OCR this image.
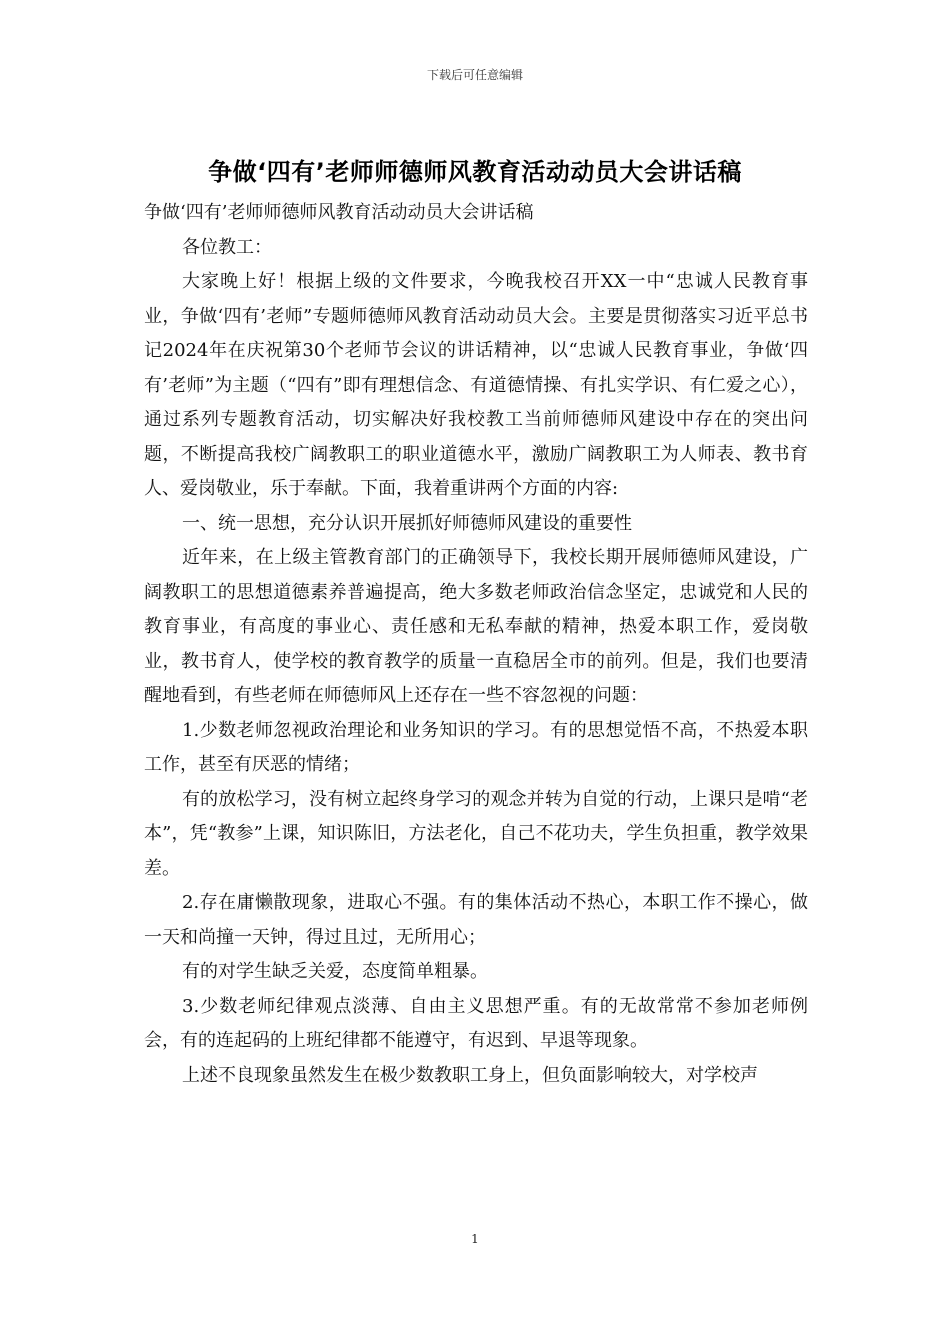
下载后可任意编辑
争做‘四有’老师师德师风教育活动动员大会讲话稿

争做‘四有’老师师德师风教育活动动员大会讲话稿

各位教工：

大家晚上好！根据上级的文件要求，今晚我校召开XX一中“忠诚人民教育事业，争做‘四有’老师”专题师德师风教育活动动员大会。主要是贯彻落实习近平总书记2024年在庆祝第30个老师节会议的讲话精神，以“忠诚人民教育事业，争做‘四有’老师”为主题（“四有”即有理想信念、有道德情操、有扎实学识、有仁爱之心），通过系列专题教育活动，切实解决好我校教工当前师德师风建设中存在的突出问题，不断提高我校广阔教职工的职业道德水平，激励广阔教职工为人师表、教书育人、爱岗敬业，乐于奉献。下面，我着重讲两个方面的内容:

一、统一思想，充分认识开展抓好师德师风建设的重要性

近年来，在上级主管教育部门的正确领导下，我校长期开展师德师风建设，广阔教职工的思想道德素养普遍提高，绝大多数老师政治信念坚定，忠诚党和人民的教育事业，有高度的事业心、责任感和无私奉献的精神，热爱本职工作，爱岗敬业，教书育人，使学校的教育教学的质量一直稳居全市的前列。但是，我们也要清醒地看到，有些老师在师德师风上还存在一些不容忽视的问题：

1.少数老师忽视政治理论和业务知识的学习。有的思想觉悟不高，不热爱本职工作，甚至有厌恶的情绪；

有的放松学习，没有树立起终身学习的观念并转为自觉的行动，上课只是啃“老本”，凭“教参”上课，知识陈旧，方法老化，自己不花功夫，学生负担重，教学效果差。

2.存在庸懒散现象，进取心不强。有的集体活动不热心，本职工作不操心，做一天和尚撞一天钟，得过且过，无所用心；

有的对学生缺乏关爱，态度简单粗暴。

3.少数老师纪律观点淡薄、自由主义思想严重。有的无故常常不参加老师例会，有的连起码的上班纪律都不能遵守，有迟到、早退等现象。

上述不良现象虽然发生在极少数教职工身上，但负面影响较大，对学校声

1
